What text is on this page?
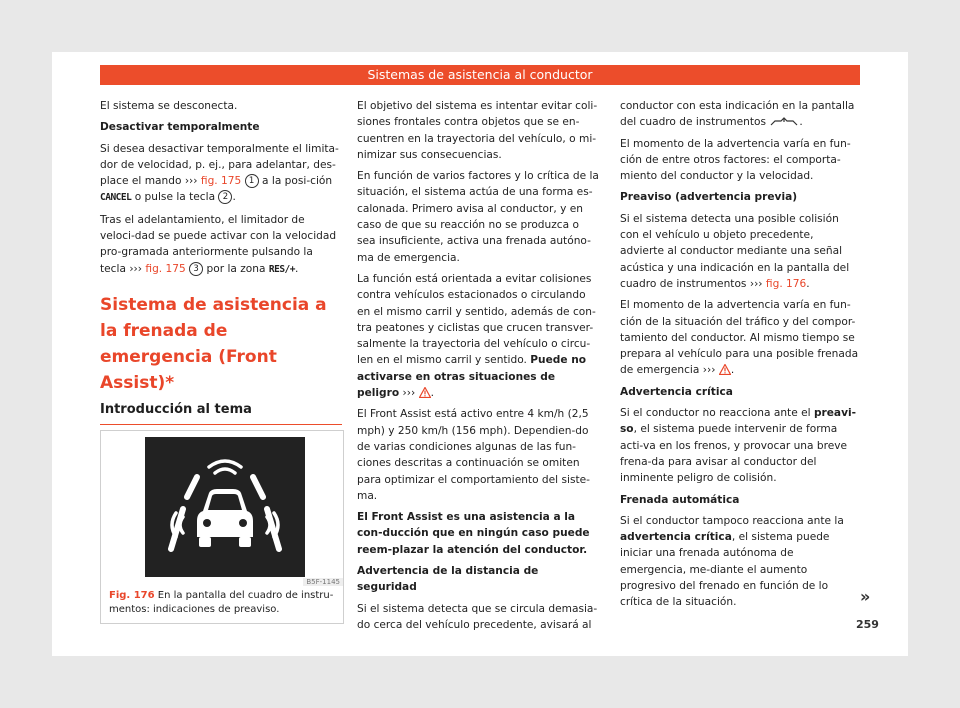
Sistemas de asistencia al conductor

El sistema se desconecta.

Desactivar temporalmente

Si desea desactivar temporalmente el limita-dor de velocidad, p. ej., para adelantar, des-place el mando ››› fig. 175 1 a la posi-ción CANCEL o pulse la tecla 2 .

Tras el adelantamiento, el limitador de veloci-dad se puede activar con la velocidad pro-gramada anteriormente pulsando la tecla ››› fig. 175 3 por la zona RES/+.

Sistema de asistencia a la frenada de emergencia (Front Assist)*
Introducción al tema
B5F-1145
Fig. 176 En la pantalla del cuadro de instru-mentos: indicaciones de preaviso.

El objetivo del sistema es intentar evitar coli-siones frontales contra objetos que se en-cuentren en la trayectoria del vehículo, o mi-nimizar sus consecuencias.

En función de varios factores y lo crítica de la situación, el sistema actúa de una forma es-calonada. Primero avisa al conductor, y en caso de que su reacción no se produzca o sea insuficiente, activa una frenada autóno-ma de emergencia.

La función está orientada a evitar colisiones contra vehículos estacionados o circulando en el mismo carril y sentido, además de con-tra peatones y ciclistas que crucen transver-salmente la trayectoria del vehículo o circu-len en el mismo carril y sentido. Puede no activarse en otras situaciones de peligro ››› .

El Front Assist está activo entre 4 km/h (2,5 mph) y 250 km/h (156 mph). Dependien-do de varias condiciones algunas de las fun-ciones descritas a continuación se omiten para optimizar el comportamiento del siste-ma.

El Front Assist es una asistencia a la con-ducción que en ningún caso puede reem-plazar la atención del conductor.

Advertencia de la distancia de seguridad

Si el sistema detecta que se circula demasia-do cerca del vehículo precedente, avisará al

conductor con esta indicación en la pantalla del cuadro de instrumentos	.

El momento de la advertencia varía en fun-ción de entre otros factores: el comporta-miento del conductor y la velocidad.

Preaviso (advertencia previa)

Si el sistema detecta una posible colisión con el vehículo u objeto precedente, advierte al conductor mediante una señal acústica y una indicación en la pantalla del cuadro de instrumentos ››› fig. 176.

El momento de la advertencia varía en fun-ción de la situación del tráfico y del compor-tamiento del conductor. Al mismo tiempo se prepara al vehículo para una posible frenada de emergencia ››› .

Advertencia crítica

Si el conductor no reacciona ante el preavi-so, el sistema puede intervenir de forma acti-va en los frenos, y provocar una breve frena-da para avisar al conductor del inminente peligro de colisión.

Frenada automática

Si el conductor tampoco reacciona ante la advertencia crítica, el sistema puede iniciar una frenada autónoma de emergencia, me-diante el aumento progresivo del frenado en función de lo crítica de la situación.	»
259
